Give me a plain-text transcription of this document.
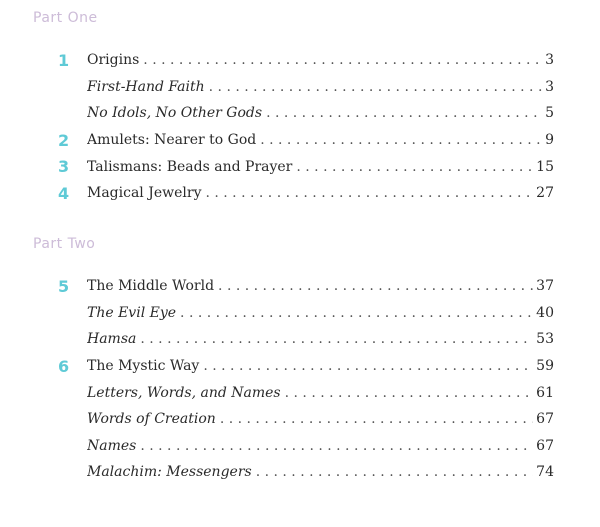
Part One
1	Origins . . .	3
First-Hand Faith . . .	3
No Idols, No Other Gods . . .	5
2	Amulets: Nearer to God . . .	9
3	Talismans: Beads and Prayer . . .	15
4	Magical Jewelry . . .	27
Part Two
5	The Middle World . . .	37
The Evil Eye . . .	40
Hamsa . . .	53
6	The Mystic Way . . .	59
Letters, Words, and Names . . .	61
Words of Creation . . .	67
Names . . .	67
Malachim: Messengers . . .	74
